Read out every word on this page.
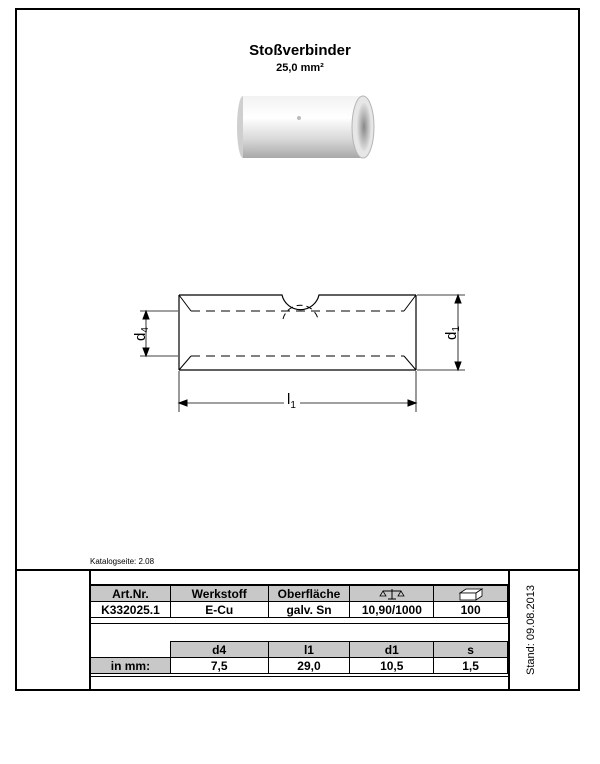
Stoßverbinder
25,0 mm²
$d_4$
$d_1$
$l_1$
Katalogseite: 2.08
Stand: 09.08.2013
Art.Nr.	Werkstoff	Oberfläche		
K332025.1	E-Cu	galv. Sn	10,90/1000	100
	d4	l1	d1	s
in mm:	7,5	29,0	10,5	1,5
